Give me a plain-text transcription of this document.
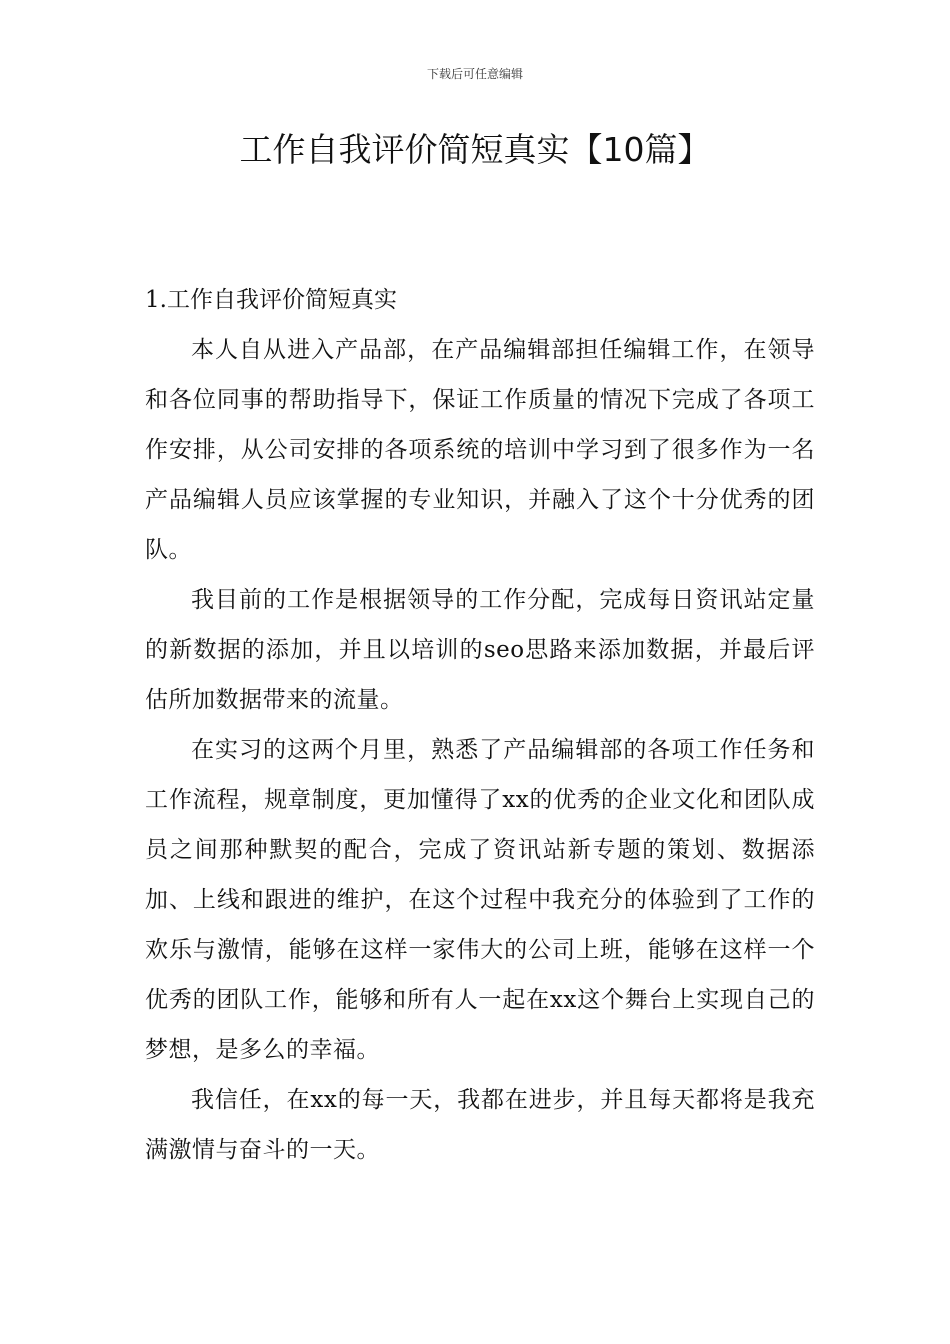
下载后可任意编辑
工作自我评价简短真实【10篇】

1.工作自我评价简短真实

本人自从进入产品部，在产品编辑部担任编辑工作，在领导和各位同事的帮助指导下，保证工作质量的情况下完成了各项工作安排，从公司安排的各项系统的培训中学习到了很多作为一名产品编辑人员应该掌握的专业知识，并融入了这个十分优秀的团队。

我目前的工作是根据领导的工作分配，完成每日资讯站定量的新数据的添加，并且以培训的seo思路来添加数据，并最后评估所加数据带来的流量。

在实习的这两个月里，熟悉了产品编辑部的各项工作任务和工作流程，规章制度，更加懂得了xx的优秀的企业文化和团队成员之间那种默契的配合，完成了资讯站新专题的策划、数据添加、上线和跟进的维护，在这个过程中我充分的体验到了工作的欢乐与激情，能够在这样一家伟大的公司上班，能够在这样一个优秀的团队工作，能够和所有人一起在xx这个舞台上实现自己的梦想，是多么的幸福。

我信任，在xx的每一天，我都在进步，并且每天都将是我充满激情与奋斗的一天。
